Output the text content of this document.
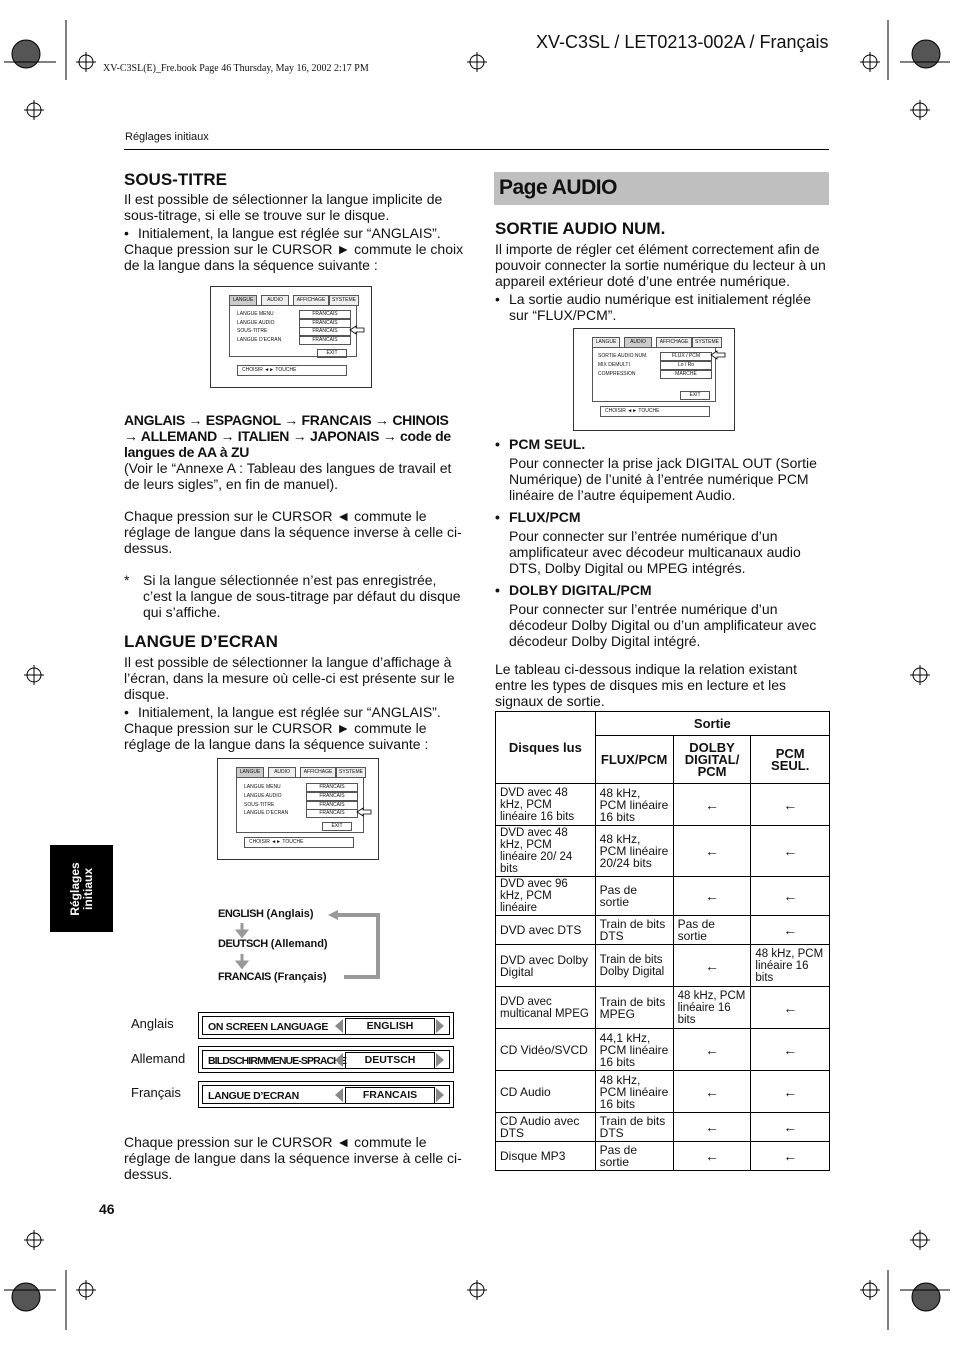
XV-C3SL / LET0213-002A / Français
XV-C3SL(E)_Fre.book Page 46 Thursday, May 16, 2002 2:17 PM
Réglages initiaux
Réglages
initiaux
46
SOUS-TITRE

Il est possible de sélectionner la langue implicite de sous-titrage, si elle se trouve sur le disque.

• Initialement, la langue est réglée sur “ANGLAIS”.

Chaque pression sur le CURSOR ► commute le choix de la langue dans la séquence suivante :

LANGUE	AUDIO	AFFICHAGE	SYSTEME
LANGUE MENU
LANGUE AUDIO
SOUS-TITRE
LANGUE D’ECRAN
FRANCAIS
FRANCAIS
FRANCAIS
FRANCAIS
EXIT
CHOISIR ◄► TOUCHE

ANGLAIS → ESPAGNOL → FRANCAIS → CHINOIS → ALLEMAND → ITALIEN → JAPONAIS → code de langues de AA à ZU

(Voir le “Annexe A : Tableau des langues de travail et de leurs sigles”, en fin de manuel).

Chaque pression sur le CURSOR ◄ commute le réglage de langue dans la séquence inverse à celle ci-dessus.

* Si la langue sélectionnée n’est pas enregistrée, c’est la langue de sous-titrage par défaut du disque qui s’affiche.

LANGUE D’ECRAN

Il est possible de sélectionner la langue d’affichage à l’écran, dans la mesure où celle-ci est présente sur le disque.

• Initialement, la langue est réglée sur “ANGLAIS”.

Chaque pression sur le CURSOR ► commute le réglage de la langue dans la séquence suivante :

LANGUE	AUDIO	AFFICHAGE	SYSTEME
LANGUE MENU
LANGUE AUDIO
SOUS-TITRE
LANGUE D’ECRAN
FRANCAIS
FRANCAIS
FRANCAIS
FRANCAIS
EXIT
CHOISIR ◄► TOUCHE
ENGLISH (Anglais)
DEUTSCH (Allemand)
FRANCAIS (Français)
Anglais	ON SCREEN LANGUAGE	ENGLISH
Allemand BILDSCHIRMMENUE-SPRACHE	DEUTSCH
Français	LANGUE D’ECRAN	FRANCAIS

Chaque pression sur le CURSOR ◄ commute le réglage de langue dans la séquence inverse à celle ci-dessus.

Page AUDIO
SORTIE AUDIO NUM.

Il importe de régler cet élément correctement afin de pouvoir connecter la sortie numérique du lecteur à un appareil extérieur doté d’une entrée numérique.

• La sortie audio numérique est initialement réglée sur “FLUX/PCM”.

LANGUE	AUDIO	AFFICHAGE	SYSTEME
SORTIE AUDIO NUM.
MIX DEMULTI.
COMPRESSION
FLUX / PCM
Lo / Ro
MARCHE
EXIT
CHOISIR ◄► TOUCHE
• PCM SEUL.

Pour connecter la prise jack DIGITAL OUT (Sortie Numérique) de l’unité à l’entrée numérique PCM linéaire de l’autre équipement Audio.

• FLUX/PCM

Pour connecter sur l’entrée numérique d’un amplificateur avec décodeur multicanaux audio DTS, Dolby Digital ou MPEG intégrés.

• DOLBY DIGITAL/PCM

Pour connecter sur l’entrée numérique d’un décodeur Dolby Digital ou d’un amplificateur avec décodeur Dolby Digital intégré.

Le tableau ci-dessous indique la relation existant entre les types de disques mis en lecture et les signaux de sortie.

Disques lus	Sortie		
	FLUX/PCM	DOLBY DIGITAL/ PCM	PCM SEUL.
DVD avec 48 kHz, PCM linéaire 16 bits	48 kHz, PCM linéaire 16 bits	←	←
DVD avec 48 kHz, PCM linéaire 20/ 24 bits	48 kHz, PCM linéaire 20/24 bits	←	←
DVD avec 96 kHz, PCM linéaire	Pas de sortie	←	←
DVD avec DTS	Train de bits DTS	Pas de sortie	←
DVD avec Dolby Digital	Train de bits Dolby Digital	←	48 kHz, PCM linéaire 16 bits
DVD avec multicanal MPEG	Train de bits MPEG	48 kHz, PCM linéaire 16 bits	←
CD Vidéo/SVCD	44,1 kHz, PCM linéaire 16 bits	←	←
CD Audio	48 kHz, PCM linéaire 16 bits	←	←
CD Audio avec DTS	Train de bits DTS	←	←
Disque MP3	Pas de sortie	←	←
